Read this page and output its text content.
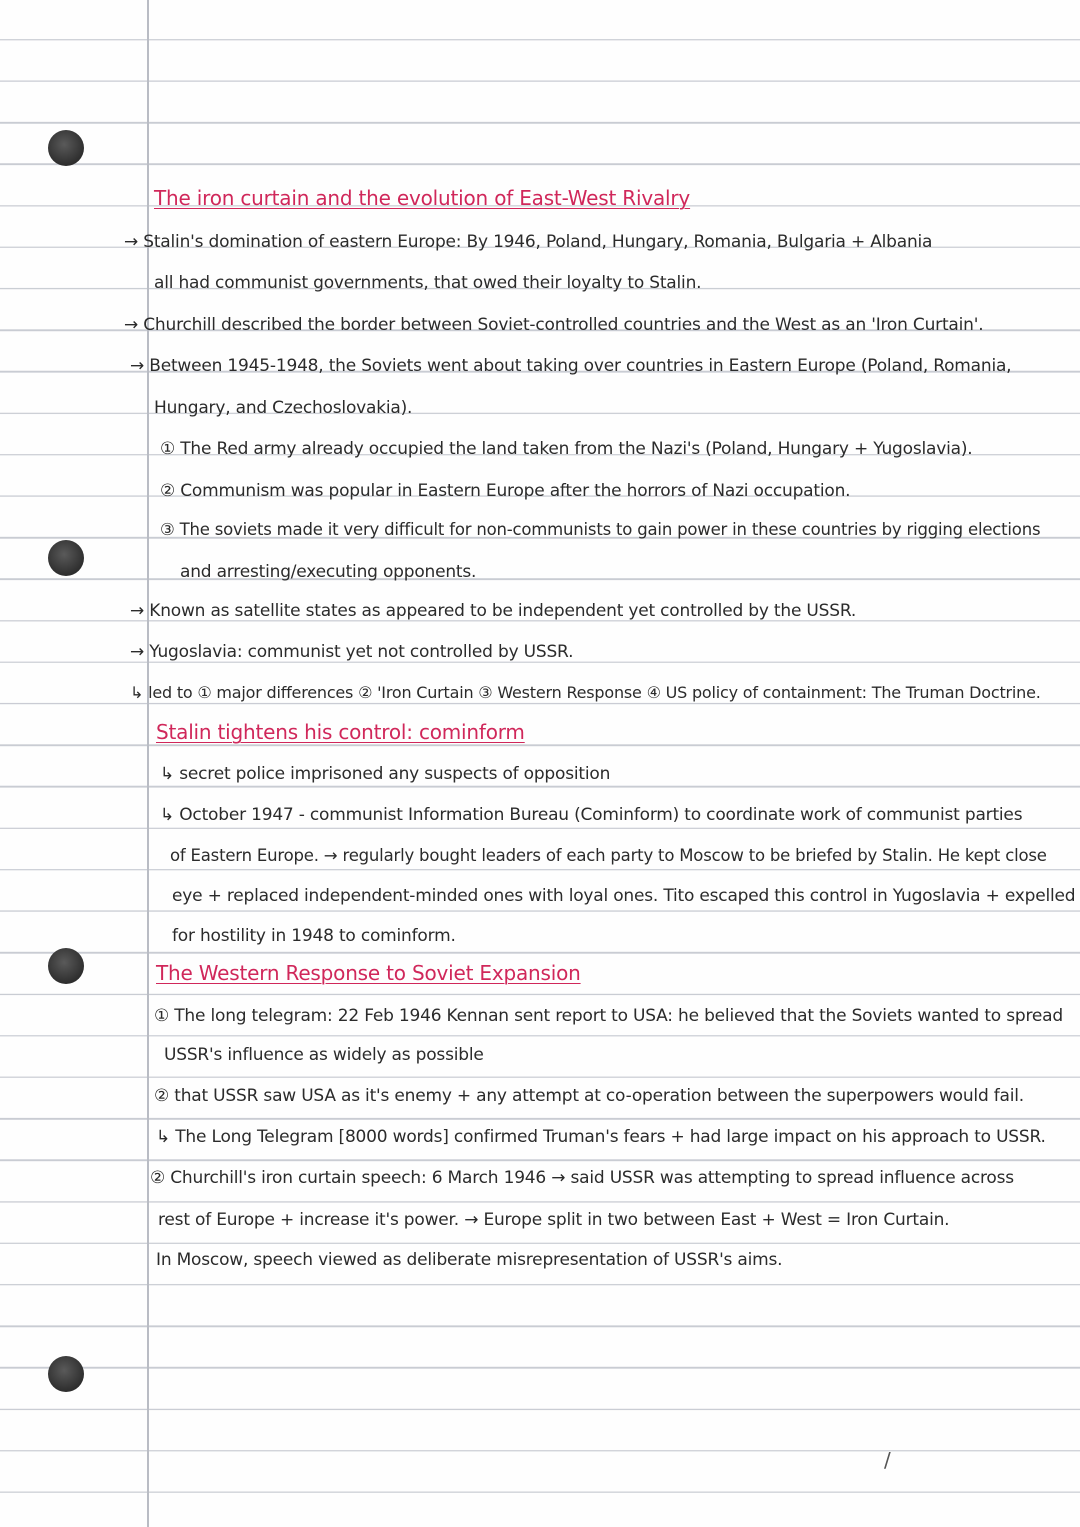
The iron curtain and the evolution of East-West Rivalry
→ Stalin's domination of eastern Europe: By 1946, Poland, Hungary, Romania, Bulgaria + Albania
all had communist governments, that owed their loyalty to Stalin.
→ Churchill described the border between Soviet-controlled countries and the West as an 'Iron Curtain'.
→ Between 1945-1948, the Soviets went about taking over countries in Eastern Europe (Poland, Romania,
Hungary, and Czechoslovakia).
① The Red army already occupied the land taken from the Nazi's (Poland, Hungary + Yugoslavia).
② Communism was popular in Eastern Europe after the horrors of Nazi occupation.
③ The soviets made it very difficult for non-communists to gain power in these countries by rigging elections
and arresting/executing opponents.
→ Known as satellite states as appeared to be independent yet controlled by the USSR.
→ Yugoslavia: communist yet not controlled by USSR.
↳ led to ① major differences ② 'Iron Curtain ③ Western Response ④ US policy of containment: The Truman Doctrine.
Stalin tightens his control: cominform
↳ secret police imprisoned any suspects of opposition
↳ October 1947 - communist Information Bureau (Cominform) to coordinate work of communist parties
of Eastern Europe. → regularly bought leaders of each party to Moscow to be briefed by Stalin. He kept close
eye + replaced independent-minded ones with loyal ones. Tito escaped this control in Yugoslavia + expelled
for hostility in 1948 to cominform.
The Western Response to Soviet Expansion
① The long telegram: 22 Feb 1946 Kennan sent report to USA: he believed that the Soviets wanted to spread
USSR's influence as widely as possible
② that USSR saw USA as it's enemy + any attempt at co-operation between the superpowers would fail.
↳ The Long Telegram [8000 words] confirmed Truman's fears + had large impact on his approach to USSR.
② Churchill's iron curtain speech: 6 March 1946 → said USSR was attempting to spread influence across
rest of Europe + increase it's power. → Europe split in two between East + West = Iron Curtain.
In Moscow, speech viewed as deliberate misrepresentation of USSR's aims.
/
